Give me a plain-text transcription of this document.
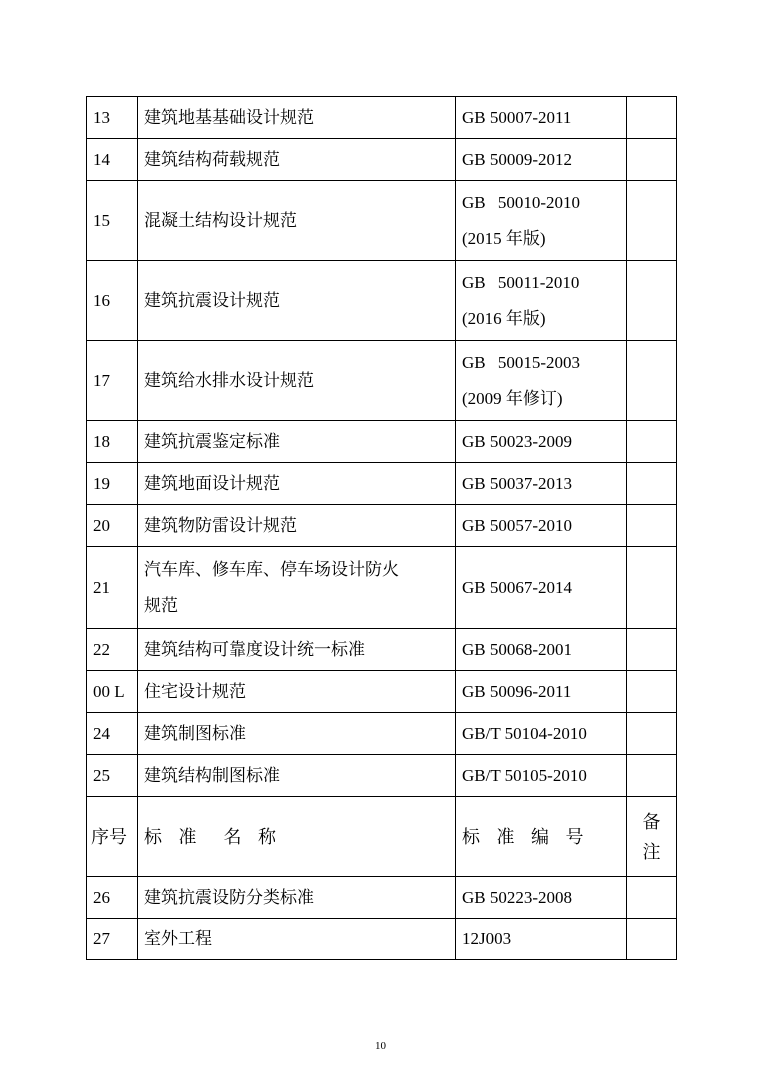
13	建筑地基基础设计规范	GB 50007-2011	

14	建筑结构荷载规范	GB 50009-2012	

15	混凝土结构设计规范	GB 50010-2010
(2015 年版)	

16	建筑抗震设计规范	GB 50011-2010
(2016 年版)	

17	建筑给水排水设计规范	GB 50015-2003
(2009 年修订)	

18	建筑抗震鉴定标准	GB 50023-2009	

19	建筑地面设计规范	GB 50037-2013	

20	建筑物防雷设计规范	GB 50057-2010	

21	汽车库、修车库、停车场设计防火
规范	GB 50067-2014	

22	建筑结构可靠度设计统一标准	GB 50068-2001	

00 L	住宅设计规范	GB 50096-2011	

24	建筑制图标准	GB/T 50104-2010	

25	建筑结构制图标准	GB/T 50105-2010	

序号	标 准  名 称	标 准 编 号	备
注

26	建筑抗震设防分类标准	GB 50223-2008	
27	室外工程	12J003	
10
